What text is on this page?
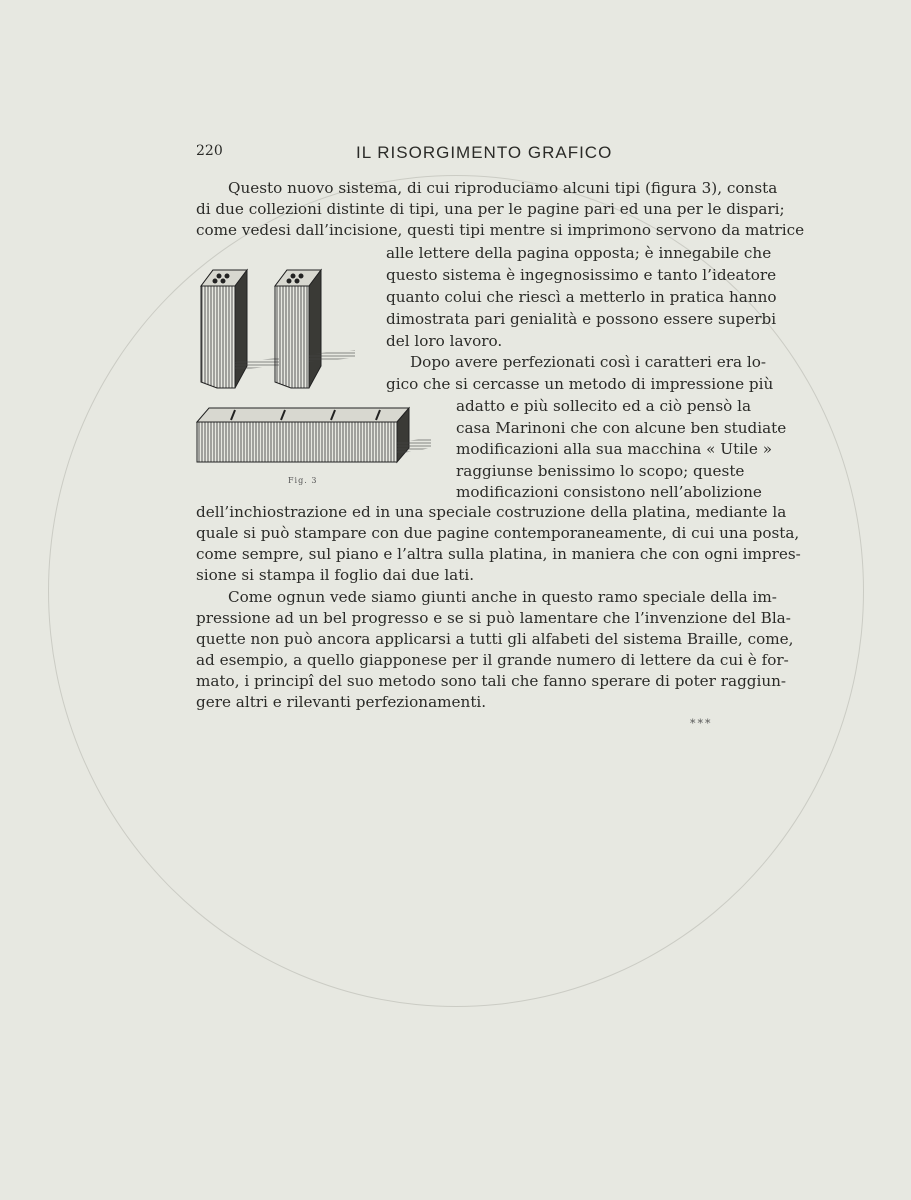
220	IL RISORGIMENTO GRAFICO
Questo nuovo sistema, di cui riproduciamo alcuni tipi (figura 3), consta
di due collezioni distinte di tipi, una per le pagine pari ed una per le dispari;
come vedesi dall’incisione, questi tipi mentre si imprimono servono da matrice
alle lettere della pagina opposta; è innegabile che
questo sistema è ingegnosissimo e tanto l’ideatore
quanto colui che riescì a metterlo in pratica hanno
dimostrata pari genialità e possono essere superbi
del loro lavoro.
Dopo avere perfezionati così i caratteri era lo-
gico che si cercasse un metodo di impressione più
adatto e più sollecito ed a ciò pensò la
casa Marinoni che con alcune ben studiate
modificazioni alla sua macchina « Utile »
raggiunse benissimo lo scopo; queste
modificazioni consistono nell’abolizione
dell’inchiostrazione ed in una speciale costruzione della platina, mediante la
quale si può stampare con due pagine contemporaneamente, di cui una posta,
come sempre, sul piano e l’altra sulla platina, in maniera che con ogni impres-
sione si stampa il foglio dai due lati.
Come ognun vede siamo giunti anche in questo ramo speciale della im-
pressione ad un bel progresso e se si può lamentare che l’invenzione del Bla-
quette non può ancora applicarsi a tutti gli alfabeti del sistema Braille, come,
ad esempio, a quello giapponese per il grande numero di lettere da cui è for-
mato, i principî del suo metodo sono tali che fanno sperare di poter raggiun-
gere altri e rilevanti perfezionamenti.
Fig. 3
***
